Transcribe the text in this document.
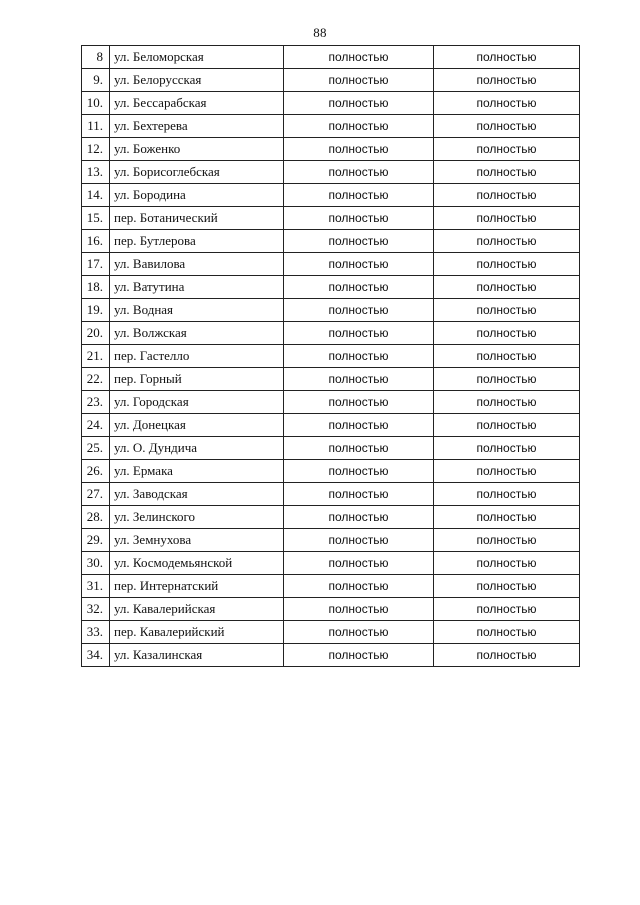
88
8	ул. Беломорская	полностью	полностью
9.	ул. Белорусская	полностью	полностью
10.	ул. Бессарабская	полностью	полностью
11.	ул. Бехтерева	полностью	полностью
12.	ул. Боженко	полностью	полностью
13.	ул. Борисоглебская	полностью	полностью
14.	ул. Бородина	полностью	полностью
15.	пер. Ботанический	полностью	полностью
16.	пер. Бутлерова	полностью	полностью
17.	ул. Вавилова	полностью	полностью
18.	ул. Ватутина	полностью	полностью
19.	ул. Водная	полностью	полностью
20.	ул. Волжская	полностью	полностью
21.	пер. Гастелло	полностью	полностью
22.	пер. Горный	полностью	полностью
23.	ул. Городская	полностью	полностью
24.	ул. Донецкая	полностью	полностью
25.	ул. О. Дундича	полностью	полностью
26.	ул. Ермака	полностью	полностью
27.	ул. Заводская	полностью	полностью
28.	ул. Зелинского	полностью	полностью
29.	ул. Земнухова	полностью	полностью
30.	ул. Космодемьянской	полностью	полностью
31.	пер. Интернатский	полностью	полностью
32.	ул. Кавалерийская	полностью	полностью
33.	пер. Кавалерийский	полностью	полностью
34.	ул. Казалинская	полностью	полностью
